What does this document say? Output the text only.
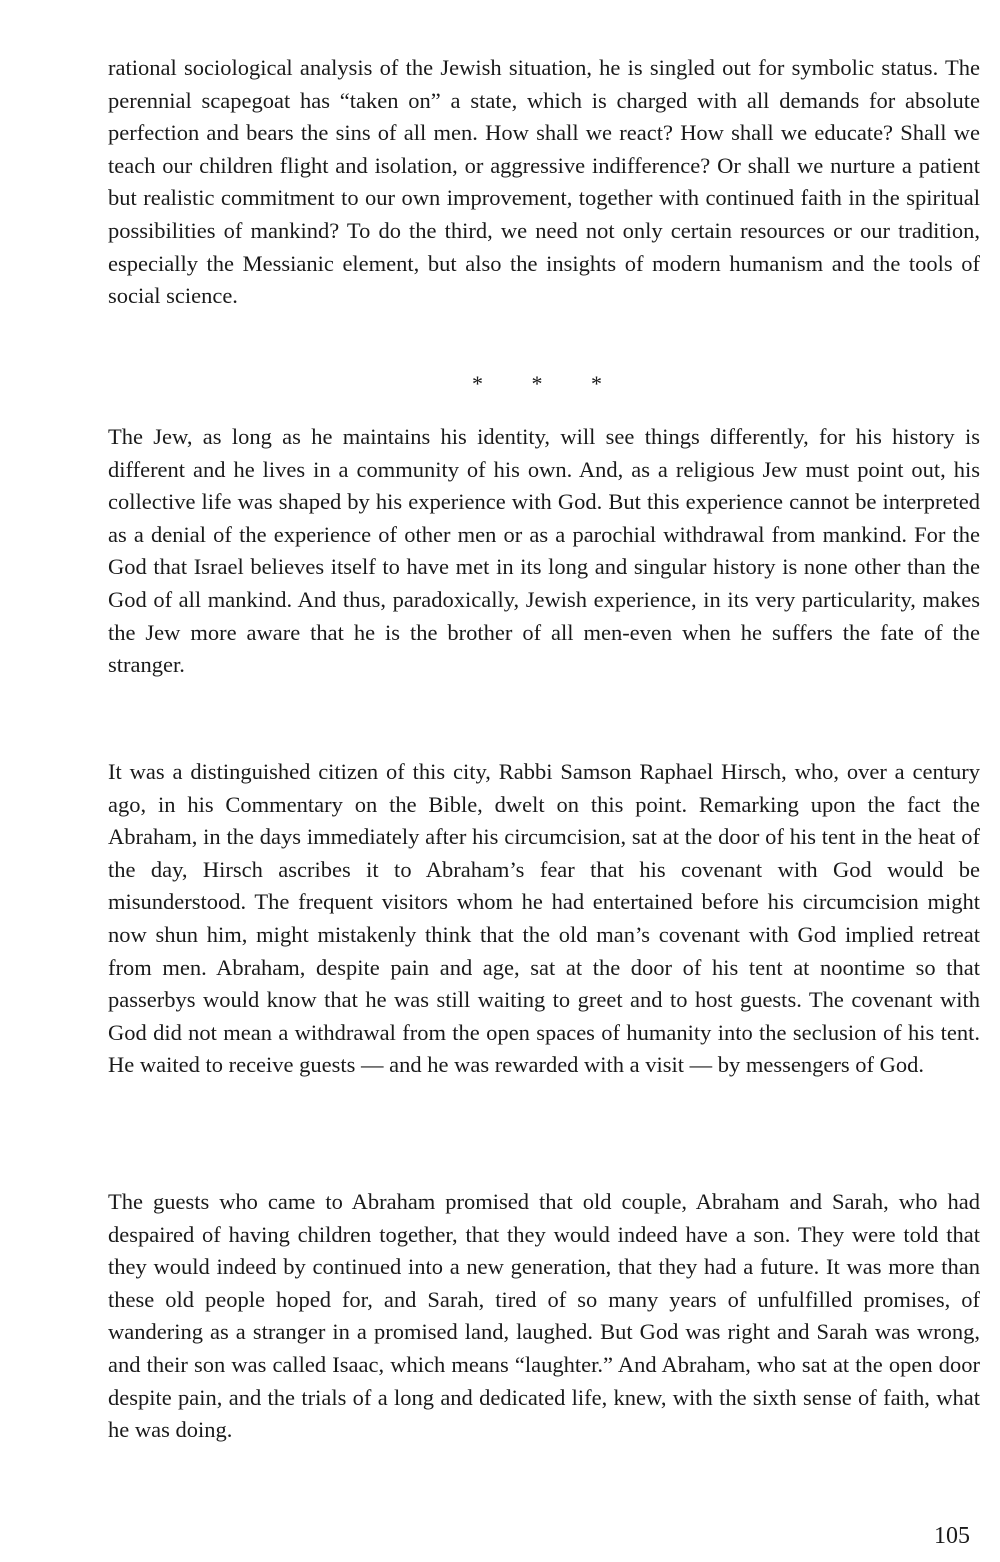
rational sociological analysis of the Jewish situation, he is singled out for symbolic status. The perennial scapegoat has “taken on” a state, which is charged with all demands for absolute perfection and bears the sins of all men. How shall we react? How shall we educate? Shall we teach our children flight and isolation, or aggressive indifference? Or shall we nurture a patient but realistic commitment to our own improvement, together with continued faith in the spiritual possibilities of mankind? To do the third, we need not only certain resources or our tradition, especially the Messianic element, but also the insights of modern humanism and the tools of social science.

* * *

The Jew, as long as he maintains his identity, will see things differently, for his history is different and he lives in a community of his own. And, as a religious Jew must point out, his collective life was shaped by his experience with God. But this experience cannot be interpreted as a denial of the experience of other men or as a parochial withdrawal from mankind. For the God that Israel believes itself to have met in its long and singular history is none other than the God of all mankind. And thus, paradoxically, Jewish experience, in its very particularity, makes the Jew more aware that he is the brother of all men-even when he suffers the fate of the stranger.

It was a distinguished citizen of this city, Rabbi Samson Raphael Hirsch, who, over a century ago, in his Commentary on the Bible, dwelt on this point. Remarking upon the fact the Abraham, in the days immediately after his circumcision, sat at the door of his tent in the heat of the day, Hirsch ascribes it to Abraham’s fear that his covenant with God would be misunderstood. The frequent visitors whom he had entertained before his circumcision might now shun him, might mistakenly think that the old man’s covenant with God implied retreat from men. Abraham, despite pain and age, sat at the door of his tent at noontime so that passerbys would know that he was still waiting to greet and to host guests. The covenant with God did not mean a withdrawal from the open spaces of humanity into the seclusion of his tent. He waited to receive guests — and he was rewarded with a visit — by messengers of God.

The guests who came to Abraham promised that old couple, Abraham and Sarah, who had despaired of having children together, that they would indeed have a son. They were told that they would indeed by continued into a new generation, that they had a future. It was more than these old people hoped for, and Sarah, tired of so many years of unfulfilled promises, of wandering as a stranger in a promised land, laughed. But God was right and Sarah was wrong, and their son was called Isaac, which means “laughter.” And Abraham, who sat at the open door despite pain, and the trials of a long and dedicated life, knew, with the sixth sense of faith, what he was doing.

105
